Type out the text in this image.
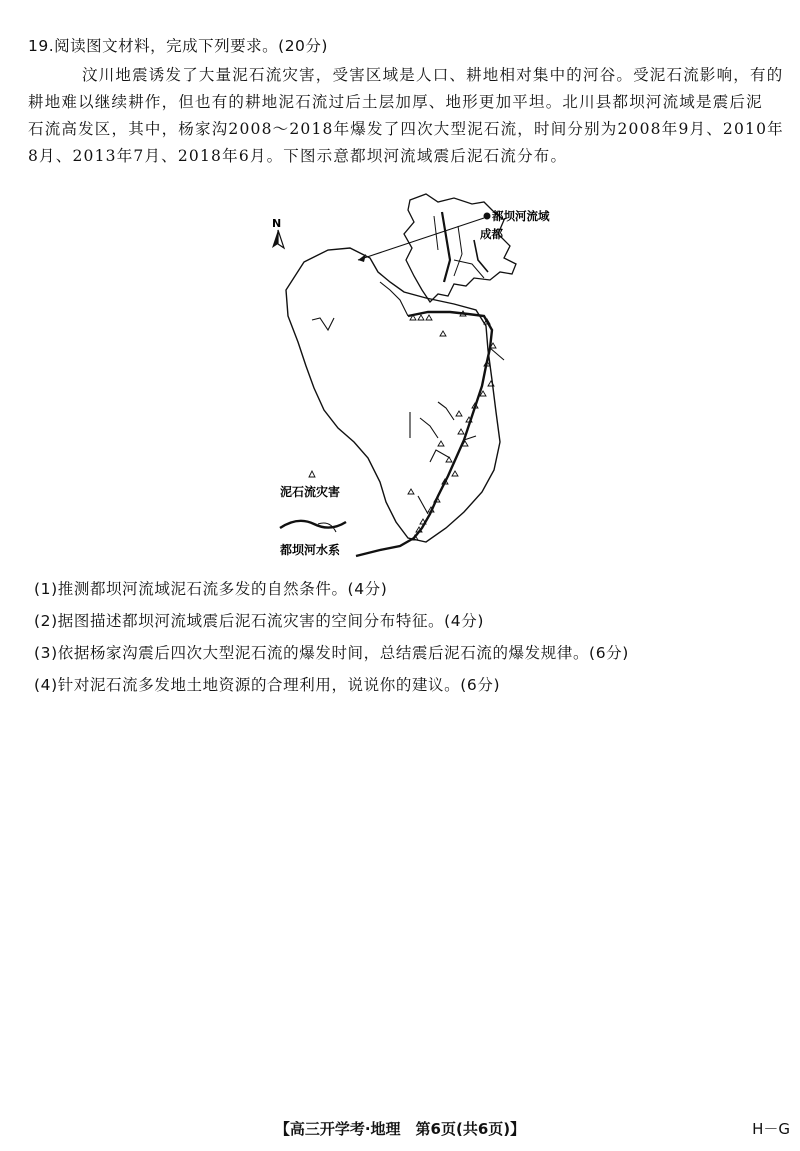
19.阅读图文材料，完成下列要求。(20分)
汶川地震诱发了大量泥石流灾害，受害区域是人口、耕地相对集中的河谷。受泥石流影响，有的
耕地难以继续耕作，但也有的耕地泥石流过后土层加厚、地形更加平坦。北川县都坝河流域是震后泥
石流高发区，其中，杨家沟2008～2018年爆发了四次大型泥石流，时间分别为2008年9月、2010年
8月、2013年7月、2018年6月。下图示意都坝河流域震后泥石流分布。
N
都坝河流域
成都
泥石流灾害
都坝河水系
(1)推测都坝河流域泥石流多发的自然条件。(4分)
(2)据图描述都坝河流域震后泥石流灾害的空间分布特征。(4分)
(3)依据杨家沟震后四次大型泥石流的爆发时间，总结震后泥石流的爆发规律。(6分)
(4)针对泥石流多发地土地资源的合理利用，说说你的建议。(6分)
【高三开学考·地理　第6页(共6页)】	H－G
